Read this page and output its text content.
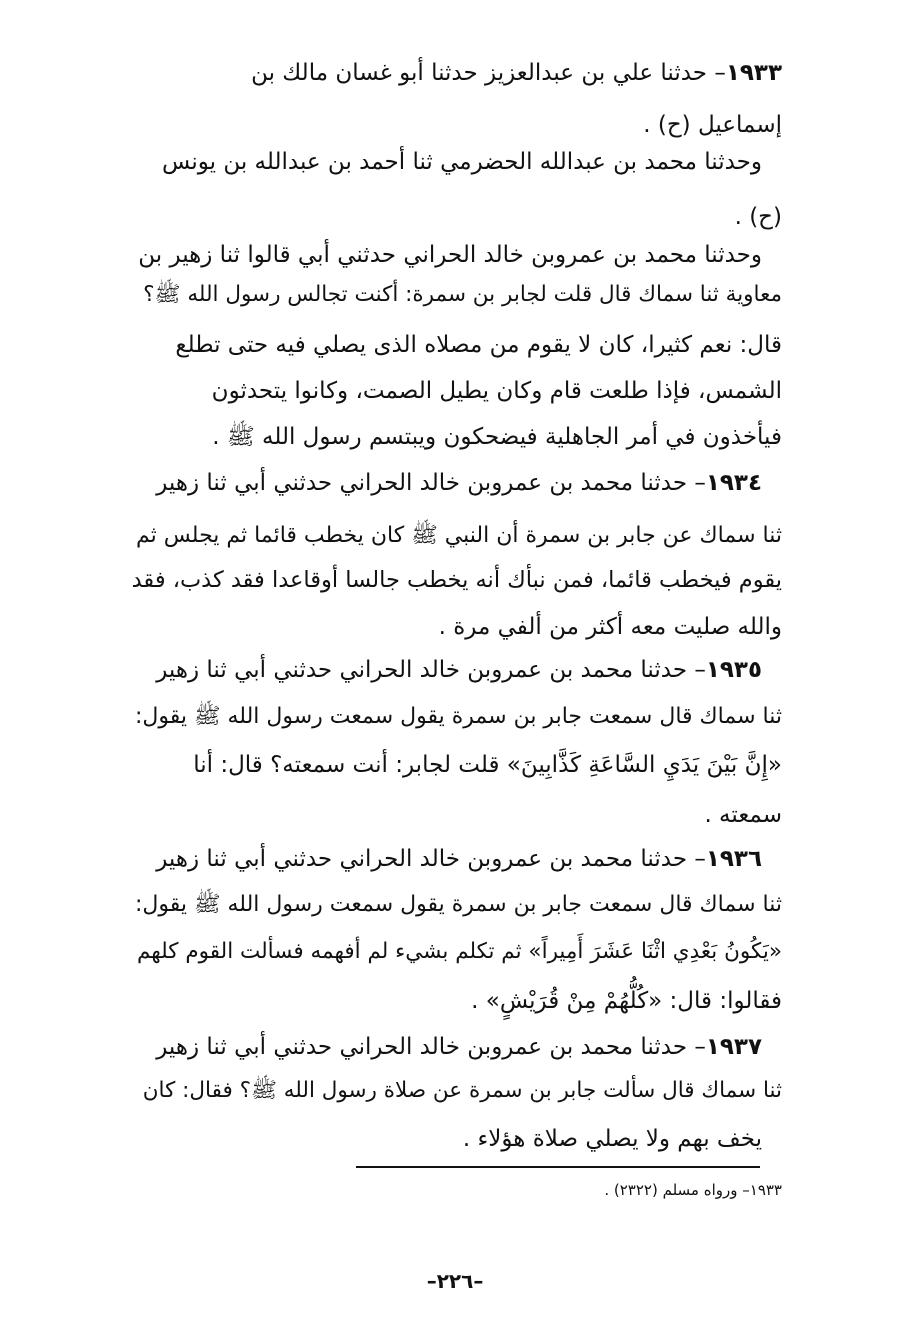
١٩٣٣– حدثنا علي بن عبدالعزيز حدثنا أبو غسان مالك بن
إسماعيل (ح) .
وحدثنا محمد بن عبدالله الحضرمي ثنا أحمد بن عبدالله بن يونس
(ح) .
وحدثنا محمد بن عمروبن خالد الحراني حدثني أبي قالوا ثنا زهير بن
معاوية ثنا سماك قال قلت لجابر بن سمرة: أكنت تجالس رسول الله ﷺ؟
قال: نعم كثيرا، كان لا يقوم من مصلاه الذى يصلي فيه حتى تطلع
الشمس، فإذا طلعت قام وكان يطيل الصمت، وكانوا يتحدثون
فيأخذون في أمر الجاهلية فيضحكون ويبتسم رسول الله ﷺ .
١٩٣٤– حدثنا محمد بن عمروبن خالد الحراني حدثني أبي ثنا زهير
ثنا سماك عن جابر بن سمرة أن النبي ﷺ كان يخطب قائما ثم يجلس ثم
يقوم فيخطب قائما، فمن نبأك أنه يخطب جالسا أوقاعدا فقد كذب، فقد
والله صليت معه أكثر من ألفي مرة .
١٩٣٥– حدثنا محمد بن عمروبن خالد الحراني حدثني أبي ثنا زهير
ثنا سماك قال سمعت جابر بن سمرة يقول سمعت رسول الله ﷺ يقول:
«إِنَّ بَيْنَ يَدَيِ السَّاعَةِ كَذَّابِينَ» قلت لجابر: أنت سمعته؟ قال: أنا
سمعته .
١٩٣٦– حدثنا محمد بن عمروبن خالد الحراني حدثني أبي ثنا زهير
ثنا سماك قال سمعت جابر بن سمرة يقول سمعت رسول الله ﷺ يقول:
«يَكُونُ بَعْدِي اثْنَا عَشَرَ أَمِيراً» ثم تكلم بشيء لم أفهمه فسألت القوم كلهم
فقالوا: قال: «كُلُّهُمْ مِنْ قُرَيْشٍ» .
١٩٣٧– حدثنا محمد بن عمروبن خالد الحراني حدثني أبي ثنا زهير
ثنا سماك قال سألت جابر بن سمرة عن صلاة رسول الله ﷺ؟ فقال: كان
يخف بهم ولا يصلي صلاة هؤلاء .
١٩٣٣– ورواه مسلم (٢٣٢٢) .
–٢٢٦–
